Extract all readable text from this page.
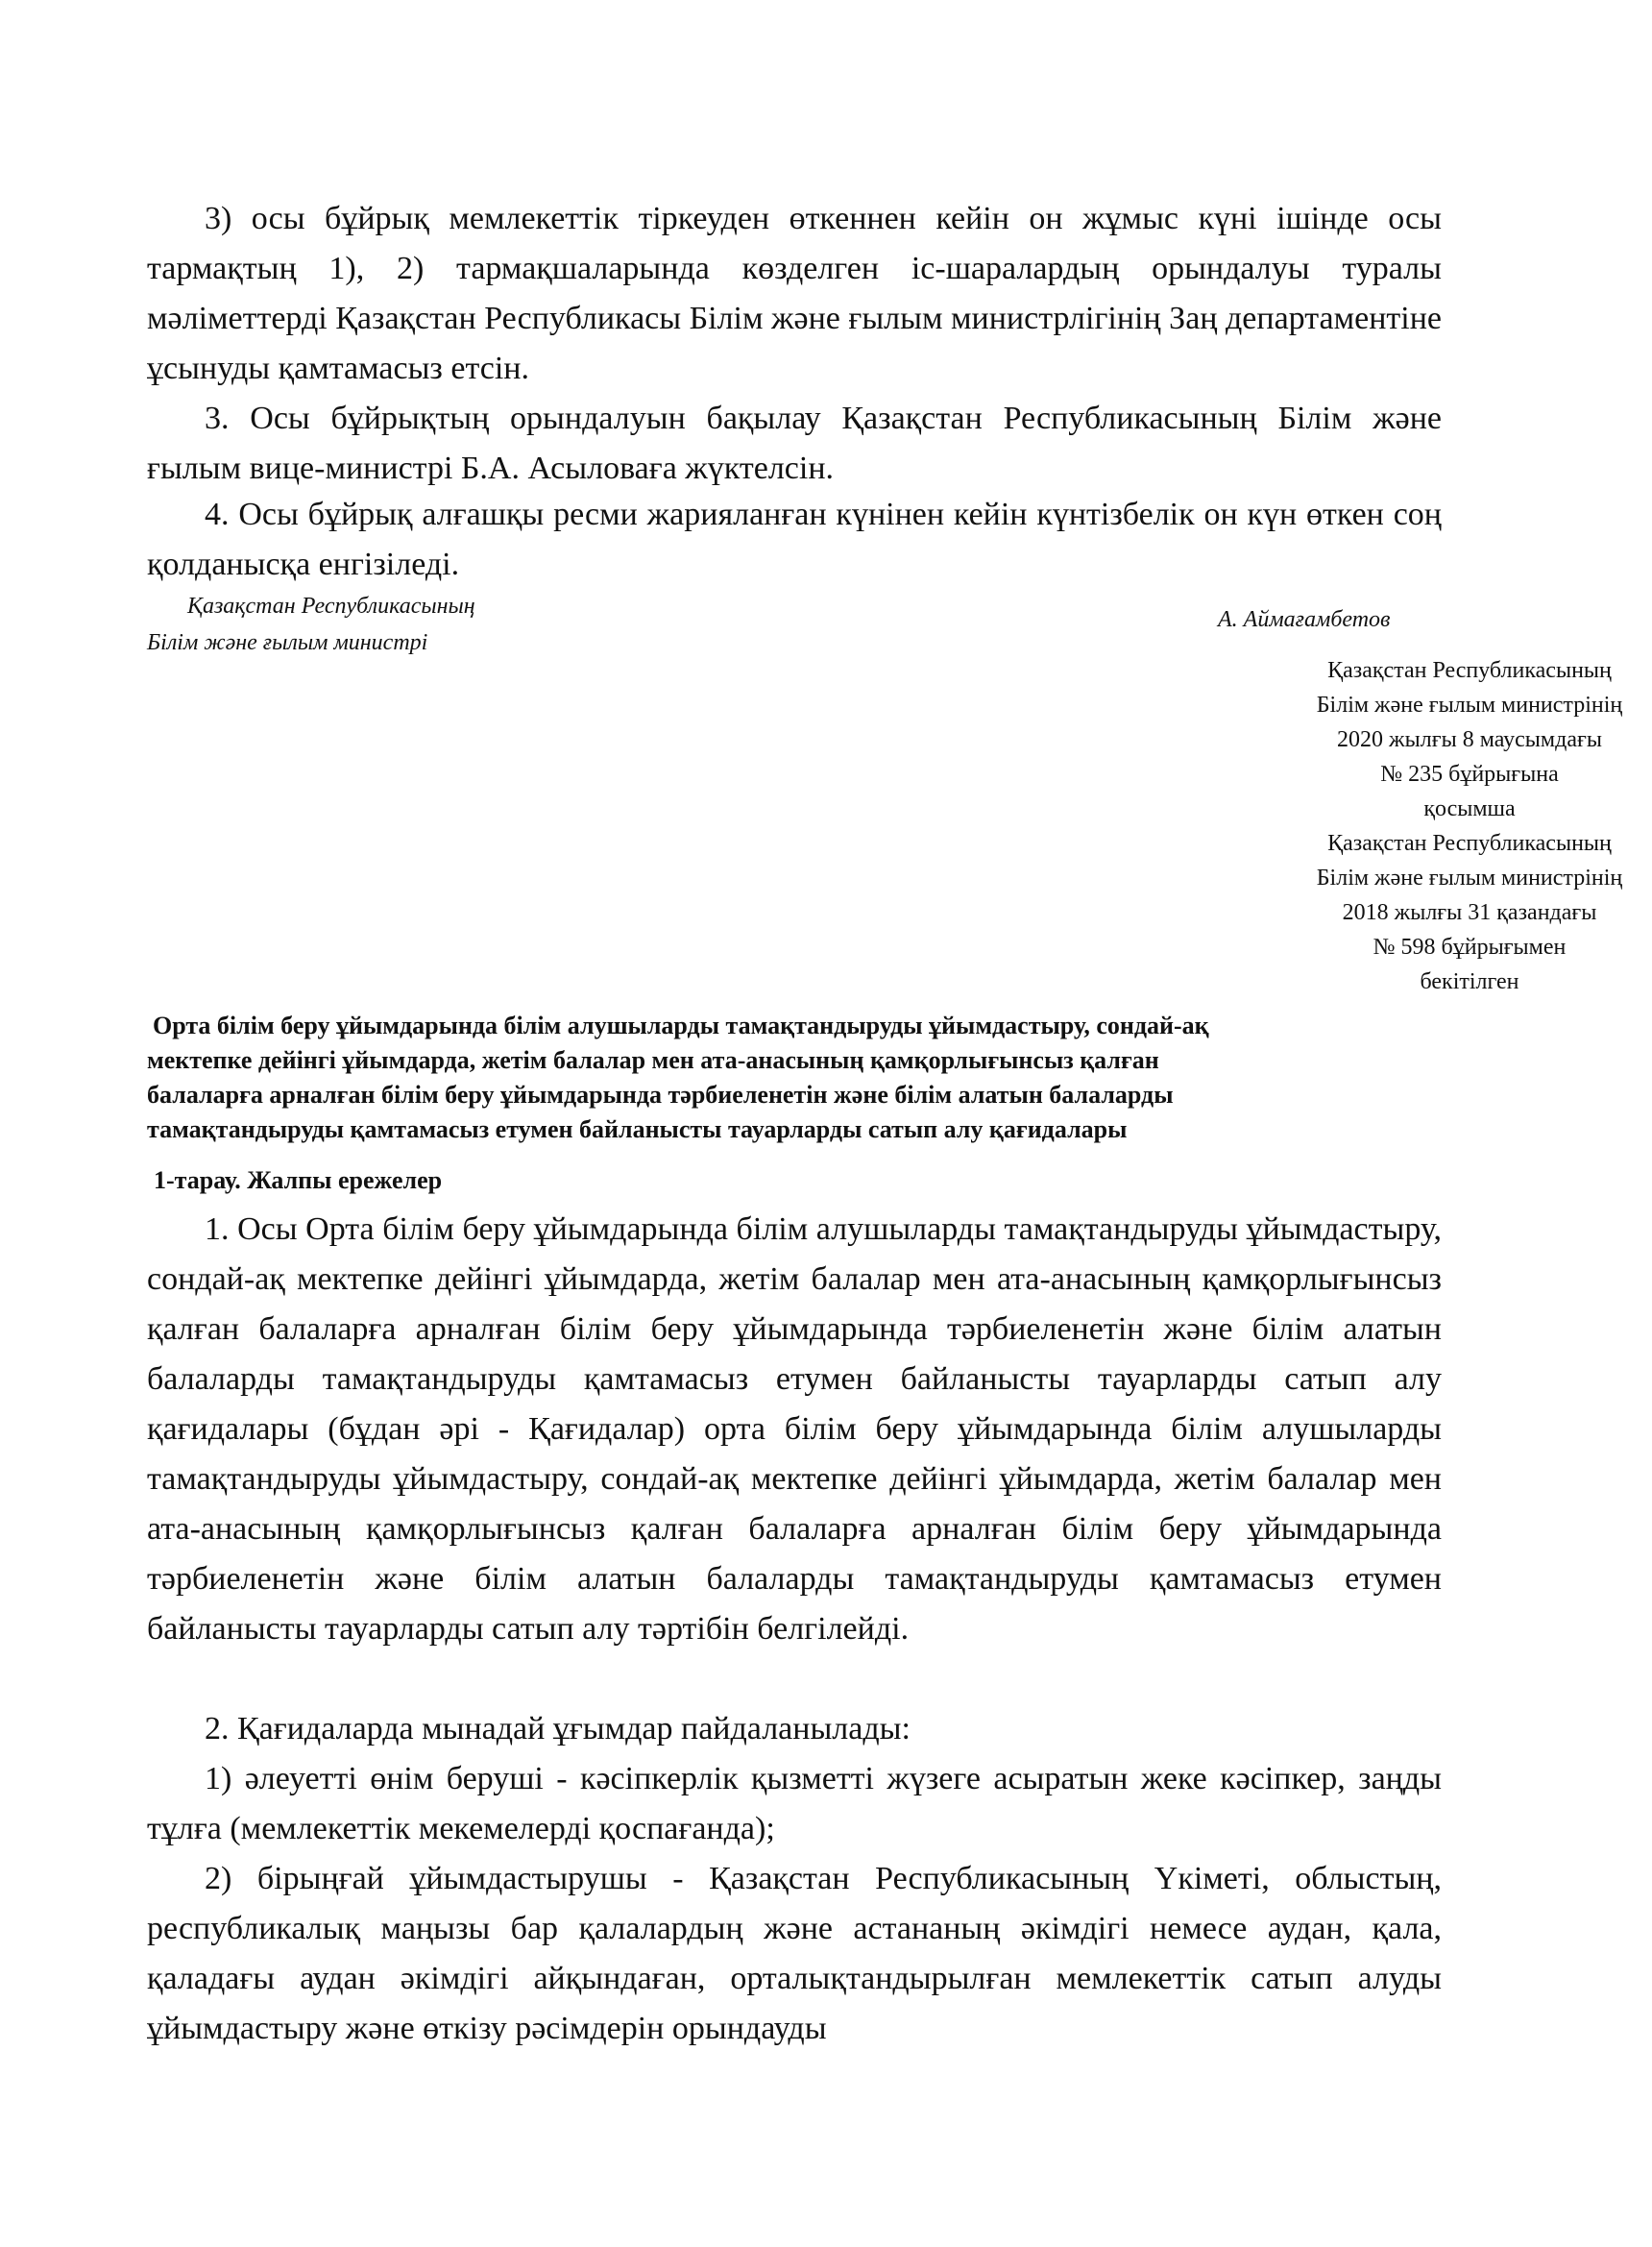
3) осы бұйрық мемлекеттік тіркеуден өткеннен кейін он жұмыс күні ішінде осы тармақтың 1), 2) тармақшаларында көзделген іс-шаралардың орындалуы туралы мәліметтерді Қазақстан Республикасы Білім және ғылым министрлігінің Заң департаментіне ұсынуды қамтамасыз етсін.

3. Осы бұйрықтың орындалуын бақылау Қазақстан Республикасының Білім және ғылым вице-министрі Б.А. Асыловаға жүктелсін.

4. Осы бұйрық алғашқы ресми жарияланған күнінен кейін күнтізбелік он күн өткен соң қолданысқа енгізіледі.

Қазақстан Республикасының
Білім және ғылым министрі
А. Аймағамбетов
Қазақстан Республикасының
Білім және ғылым министрінің
2020 жылғы 8 маусымдағы
№ 235 бұйрығына
қосымша
Қазақстан Республикасының
Білім және ғылым министрінің
2018 жылғы 31 қазандағы
№ 598 бұйрығымен
бекітілген
Орта білім беру ұйымдарында білім алушыларды тамақтандыруды ұйымдастыру, сондай-ақ
мектепке дейінгі ұйымдарда, жетім балалар мен ата-анасының қамқорлығынсыз қалған
балаларға арналған білім беру ұйымдарында тәрбиеленетін және білім алатын балаларды
тамақтандыруды қамтамасыз етумен байланысты тауарларды сатып алу қағидалары
1-тарау. Жалпы ережелер

1. Осы Орта білім беру ұйымдарында білім алушыларды тамақтандыруды ұйымдастыру, сондай-ақ мектепке дейінгі ұйымдарда, жетім балалар мен ата-анасының қамқорлығынсыз қалған балаларға арналған білім беру ұйымдарында тәрбиеленетін және білім алатын балаларды тамақтандыруды қамтамасыз етумен байланысты тауарларды сатып алу қағидалары (бұдан әрі - Қағидалар) орта білім беру ұйымдарында білім алушыларды тамақтандыруды ұйымдастыру, сондай-ақ мектепке дейінгі ұйымдарда, жетім балалар мен ата-анасының қамқорлығынсыз қалған балаларға арналған білім беру ұйымдарында тәрбиеленетін және білім алатын балаларды тамақтандыруды қамтамасыз етумен байланысты тауарларды сатып алу тәртібін белгілейді.

2. Қағидаларда мынадай ұғымдар пайдаланылады:

1) әлеуетті өнім беруші - кәсіпкерлік қызметті жүзеге асыратын жеке кәсіпкер, заңды тұлға (мемлекеттік мекемелерді қоспағанда);

2) бірыңғай ұйымдастырушы - Қазақстан Республикасының Үкіметі, облыстың, республикалық маңызы бар қалалардың және астананың әкімдігі немесе аудан, қала, қаладағы аудан әкімдігі айқындаған, орталықтандырылған мемлекеттік сатып алуды ұйымдастыру және өткізу рәсімдерін орындауды
